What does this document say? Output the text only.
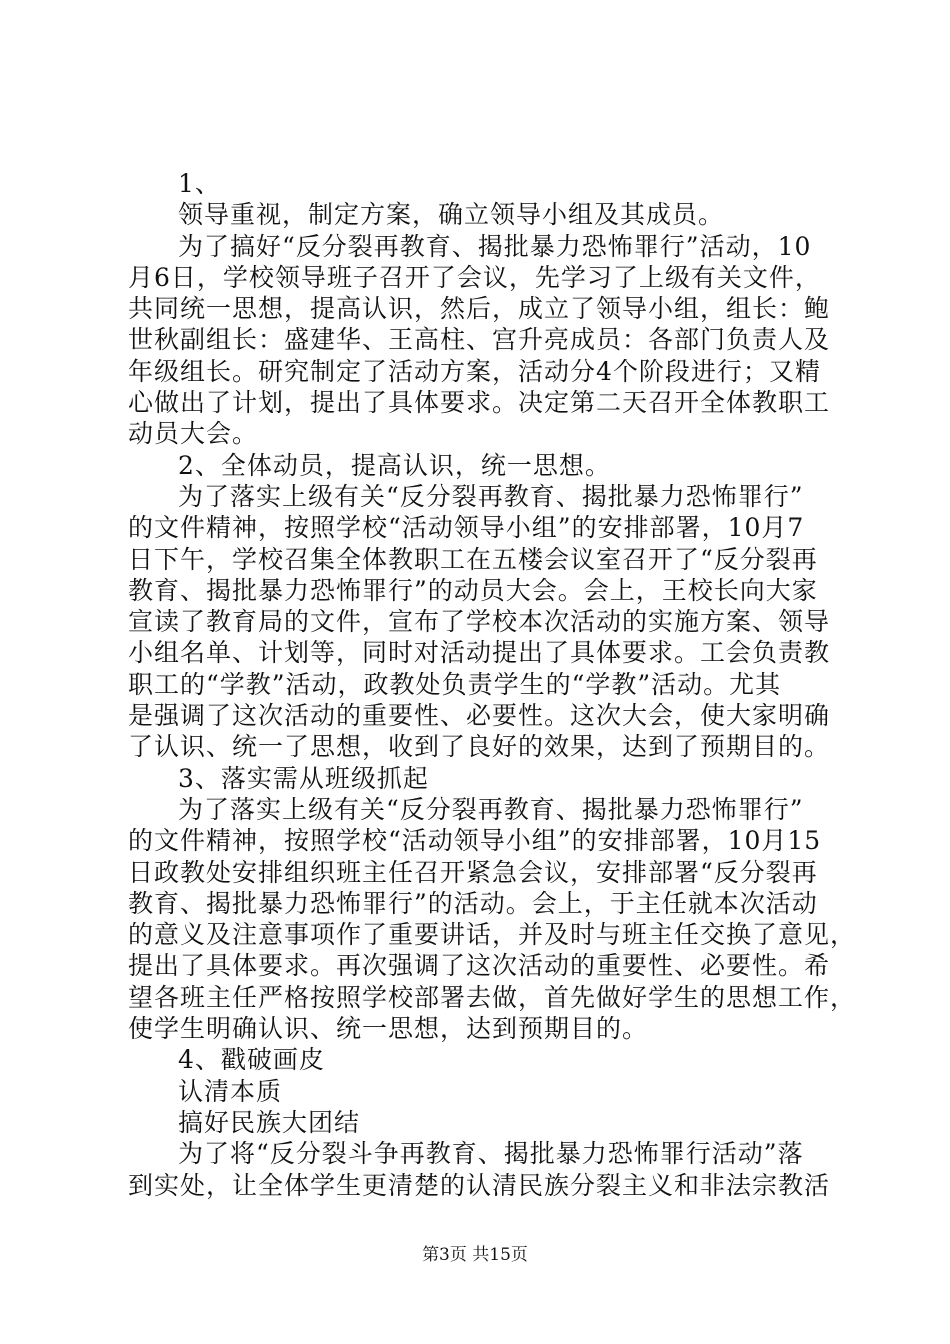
1、
领导重视，制定方案，确立领导小组及其成员。
为了搞好“反分裂再教育、揭批暴力恐怖罪行”活动，10
月6日，学校领导班子召开了会议，先学习了上级有关文件，
共同统一思想，提高认识，然后，成立了领导小组，组长：鲍
世秋副组长：盛建华、王高柱、宫升亮成员：各部门负责人及
年级组长。研究制定了活动方案，活动分4个阶段进行；又精
心做出了计划，提出了具体要求。决定第二天召开全体教职工
动员大会。
2、全体动员，提高认识，统一思想。
为了落实上级有关“反分裂再教育、揭批暴力恐怖罪行”
的文件精神，按照学校“活动领导小组”的安排部署，10月7
日下午，学校召集全体教职工在五楼会议室召开了“反分裂再
教育、揭批暴力恐怖罪行”的动员大会。会上，王校长向大家
宣读了教育局的文件，宣布了学校本次活动的实施方案、领导
小组名单、计划等，同时对活动提出了具体要求。工会负责教
职工的“学教”活动，政教处负责学生的“学教”活动。尤其
是强调了这次活动的重要性、必要性。这次大会，使大家明确
了认识、统一了思想，收到了良好的效果，达到了预期目的。
3、落实需从班级抓起
为了落实上级有关“反分裂再教育、揭批暴力恐怖罪行”
的文件精神，按照学校“活动领导小组”的安排部署，10月15
日政教处安排组织班主任召开紧急会议，安排部署“反分裂再
教育、揭批暴力恐怖罪行”的活动。会上，于主任就本次活动
的意义及注意事项作了重要讲话，并及时与班主任交换了意见，
提出了具体要求。再次强调了这次活动的重要性、必要性。希
望各班主任严格按照学校部署去做，首先做好学生的思想工作，
使学生明确认识、统一思想，达到预期目的。
4、戳破画皮
认清本质
搞好民族大团结
为了将“反分裂斗争再教育、揭批暴力恐怖罪行活动”落
到实处，让全体学生更清楚的认清民族分裂主义和非法宗教活
第3页 共15页
